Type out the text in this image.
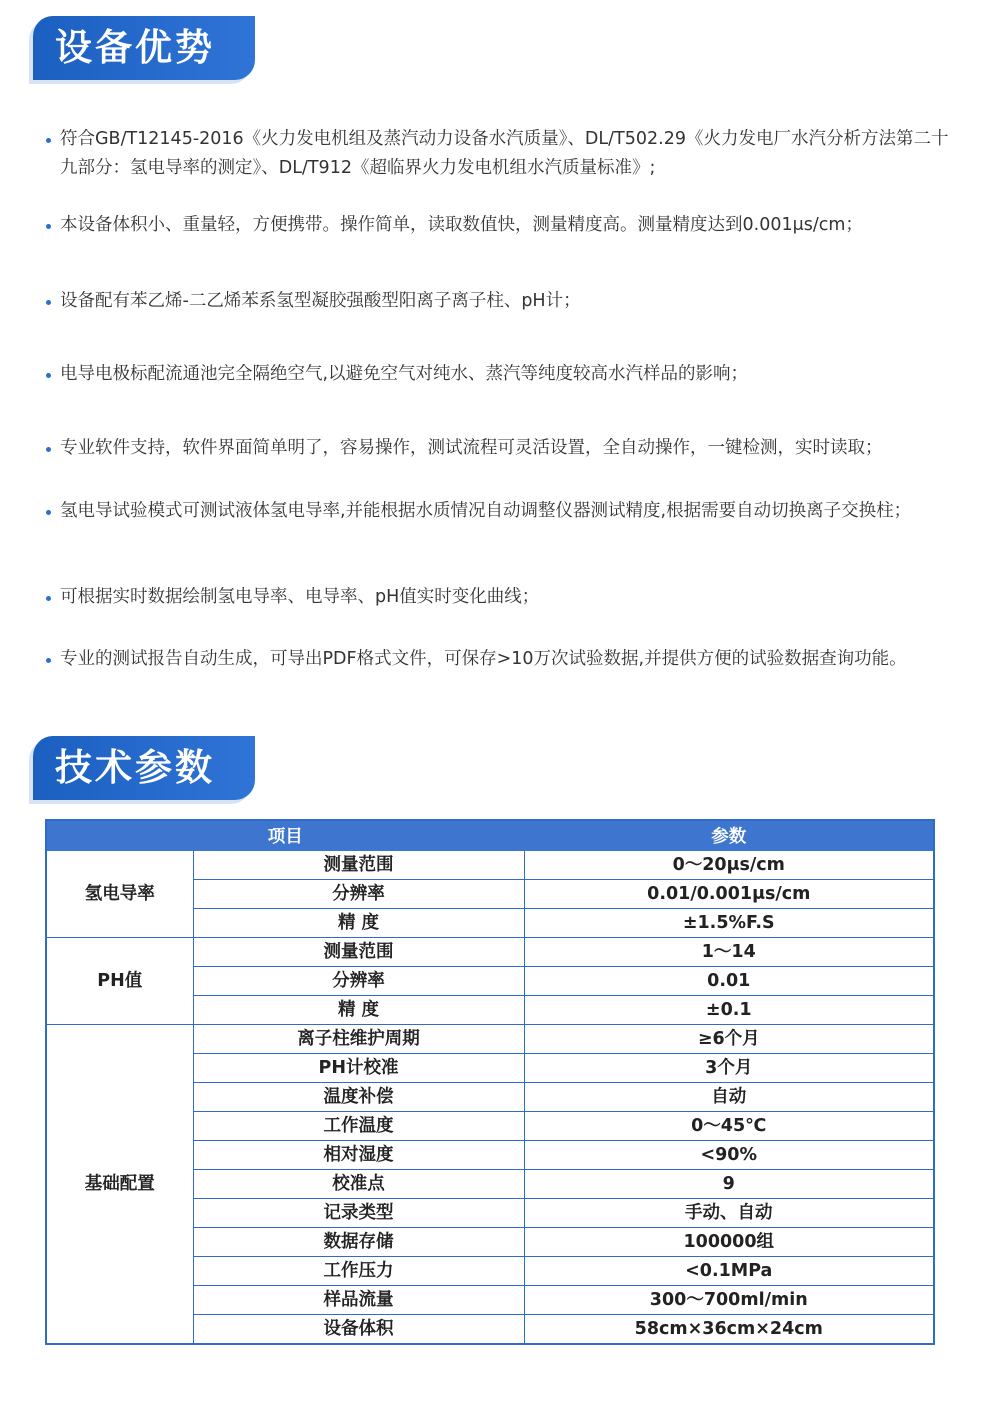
设备优势
符合GB/T12145-2016《火力发电机组及蒸汽动力设备水汽质量》、DL/T502.29《火力发电厂水汽分析方法第二十九部分：氢电导率的测定》、DL/T912《超临界火力发电机组水汽质量标准》;
本设备体积小、重量轻，方便携带。操作简单，读取数值快，测量精度高。测量精度达到0.001μs/cm；
设备配有苯乙烯-二乙烯苯系氢型凝胶强酸型阳离子离子柱、pH计；
电导电极标配流通池完全隔绝空气,以避免空气对纯水、蒸汽等纯度较高水汽样品的影响；
专业软件支持，软件界面简单明了，容易操作，测试流程可灵活设置，全自动操作，一键检测，实时读取；
氢电导试验模式可测试液体氢电导率,并能根据水质情况自动调整仪器测试精度,根据需要自动切换离子交换柱；
可根据实时数据绘制氢电导率、电导率、pH值实时变化曲线；
专业的测试报告自动生成，可导出PDF格式文件，可保存>10万次试验数据,并提供方便的试验数据查询功能。
技术参数
项目		参数
氢电导率	测量范围	0～20μs/cm
	分辨率	0.01/0.001μs/cm
	精 度	±1.5%F.S
PH值	测量范围	1～14
	分辨率	0.01
	精 度	±0.1
基础配置	离子柱维护周期	≥6个月
	PH计校准	3个月
	温度补偿	自动
	工作温度	0～45℃
	相对湿度	<90%
	校准点	9
	记录类型	手动、自动
	数据存储	100000组
	工作压力	<0.1MPa
	样品流量	300～700ml/min
	设备体积	58cm×36cm×24cm
